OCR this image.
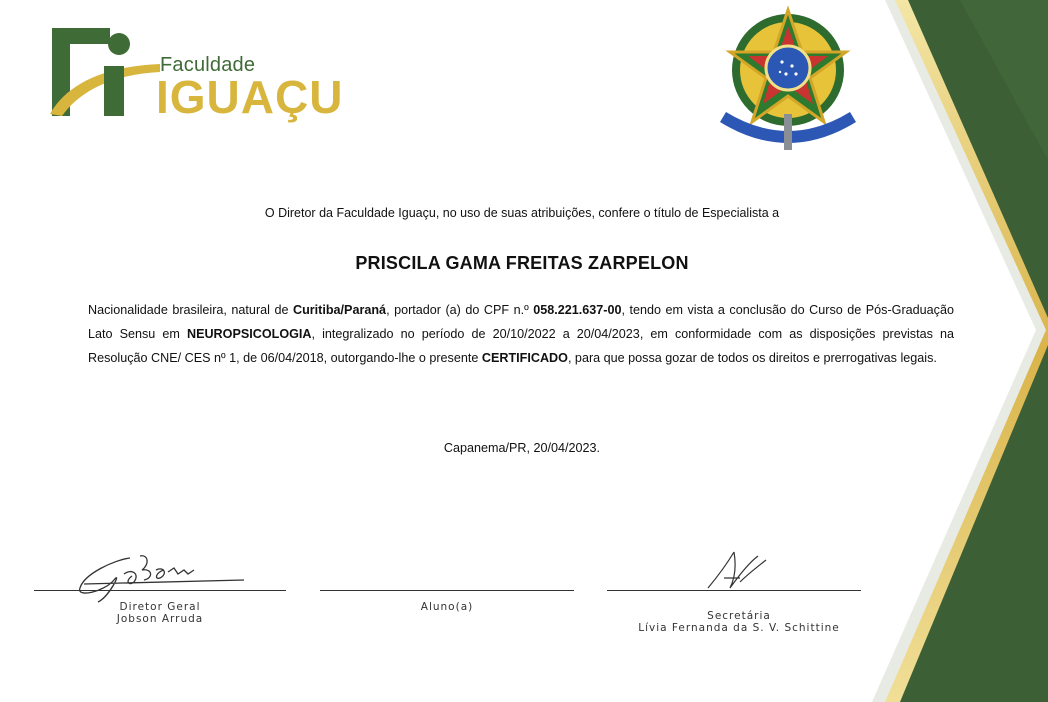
Faculdade
IGUAÇU
O Diretor da Faculdade Iguaçu, no uso de suas atribuições, confere o título de Especialista a
PRISCILA GAMA FREITAS ZARPELON
Nacionalidade brasileira, natural de Curitiba/Paraná, portador (a) do CPF n.º 058.221.637-00, tendo em vista a conclusão do Curso de Pós-Graduação Lato Sensu em NEUROPSICOLOGIA, integralizado no período de 20/10/2022 a 20/04/2023, em conformidade com as disposições previstas na Resolução CNE/ CES nº 1, de 06/04/2018, outorgando-lhe o presente CERTIFICADO, para que possa gozar de todos os direitos e prerrogativas legais.
Capanema/PR, 20/04/2023.
Diretor Geral
Jobson Arruda
Aluno(a)
Secretária
Lívia Fernanda da S. V. Schittine
